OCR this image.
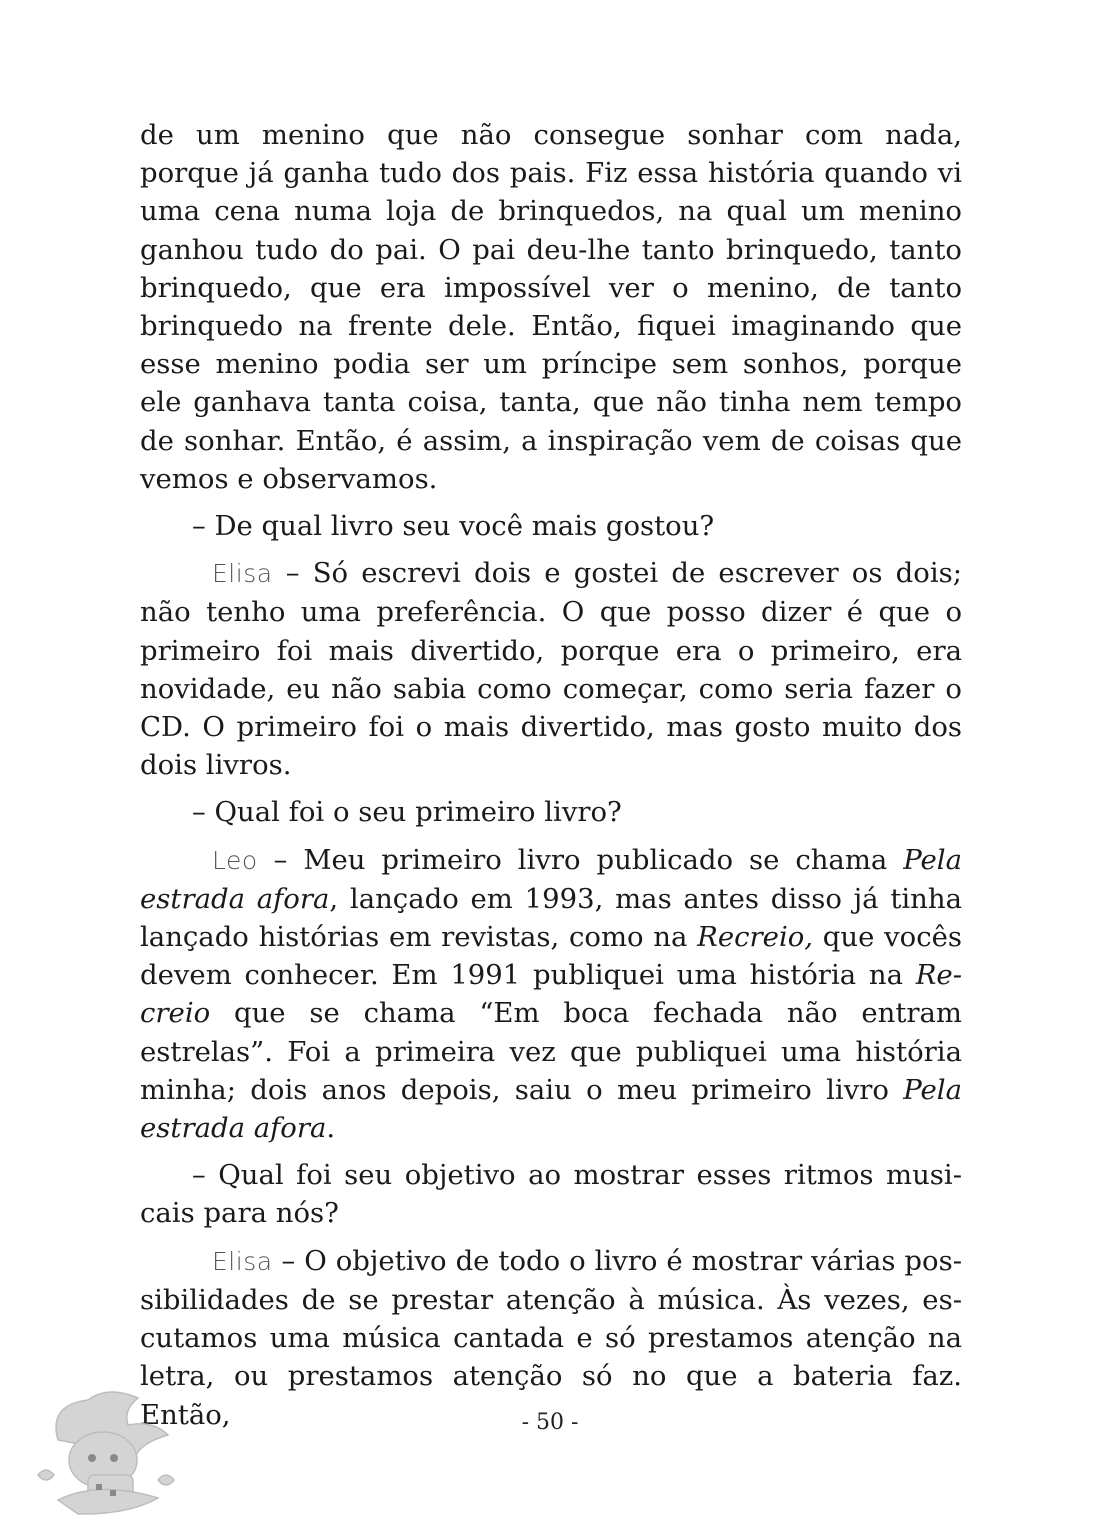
de um menino que não consegue sonhar com nada, porque já ganha tudo dos pais. Fiz essa história quando vi uma cena numa loja de brinquedos, na qual um menino ganhou tudo do pai. O pai deu-lhe tanto brinquedo, tanto brinquedo, que era impossível ver o menino, de tanto brinquedo na frente dele. Então, fiquei imaginando que esse menino podia ser um príncipe sem sonhos, porque ele ganhava tanta coisa, tanta, que não tinha nem tempo de sonhar. Então, é assim, a inspiração vem de coisas que vemos e observamos.

– De qual livro seu você mais gostou?

Elisa – Só escrevi dois e gostei de escrever os dois; não tenho uma preferência. O que posso dizer é que o primeiro foi mais divertido, porque era o primeiro, era novidade, eu não sabia como começar, como seria fazer o CD. O primeiro foi o mais divertido, mas gosto muito dos dois livros.

– Qual foi o seu primeiro livro?

Leo – Meu primeiro livro publicado se chama Pela estrada afora, lançado em 1993, mas antes disso já tinha lançado histórias em revistas, como na Recreio, que vocês devem conhecer. Em 1991 publiquei uma história na Recreio que se chama “Em boca fechada não entram estrelas”. Foi a primeira vez que publiquei uma história minha; dois anos depois, saiu o meu primeiro livro Pela estrada afora.

– Qual foi seu objetivo ao mostrar esses ritmos musicais para nós?

Elisa – O objetivo de todo o livro é mostrar várias possibilidades de se prestar atenção à música. Às vezes, escutamos uma música cantada e só prestamos atenção na letra, ou prestamos atenção só no que a bateria faz. Então,	- 50 -
